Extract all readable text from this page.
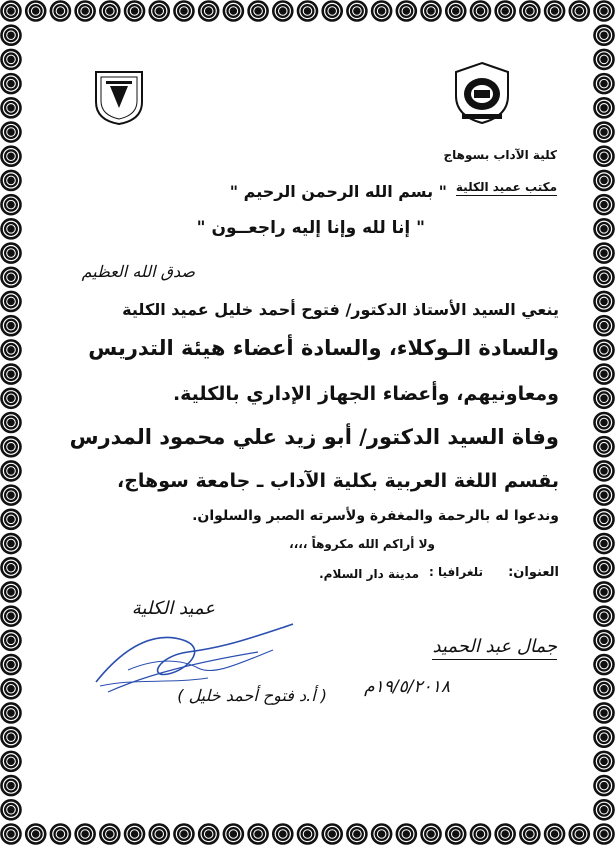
كلية الآداب بسوهاج
مكتب عميد الكلية
" بسم الله الرحمن الرحيم "
" إنا لله وإنا إليه راجعــون "
صدق الله العظيم
ينعي السيد الأستاذ الدكتور/ فتوح أحمد خليل عميد الكلية
والسادة الـوكلاء، والسادة أعضاء هيئة التدريس
ومعاونيهم، وأعضاء الجهاز الإداري بالكلية.
وفاة السيد الدكتور/ أبو زيد علي محمود المدرس
بقسم اللغة العربية بكلية الآداب ـ جامعة سوهاج،
وندعوا له بالرحمة والمغفرة ولأسرته الصبر والسلوان.
ولا أراكم الله مكروهاً ،،،،
العنوان:
تلغرافيا :
مدينة دار السلام.
عميد الكلية
جمال عبد الحميد
١٩/٥/٢٠١٨م
( أ.د فتوح أحمد خليل )
